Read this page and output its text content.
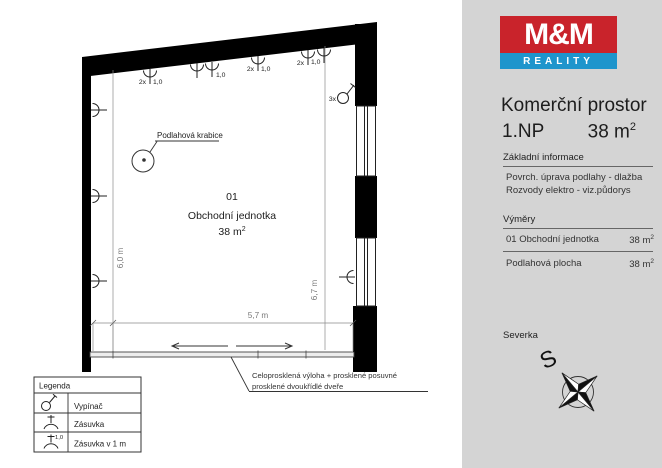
Celoprosklená výloha + prosklené posuvné
prosklené dvoukřídlé dveře
5,7 m
6,0 m
6,7 m
2x 1,0
1,0
2x 1,0
2x 1,0
3x
Podlahová krabice
01
Obchodní jednotka
38 $m^2$
Legenda
Vypínač
Zásuvka
1,0
Zásuvka v 1 m
M&M
REALITY
Komerční prostor
1.NP 38 $m^2$
Základní informace
Povrch. úprava podlahy - dlažba
Rozvody elektro - viz.půdorys
Výměry
01 Obchodní jednotka	38 $m^2$
Podlahová plocha	38 $m^2$
Severka
S
